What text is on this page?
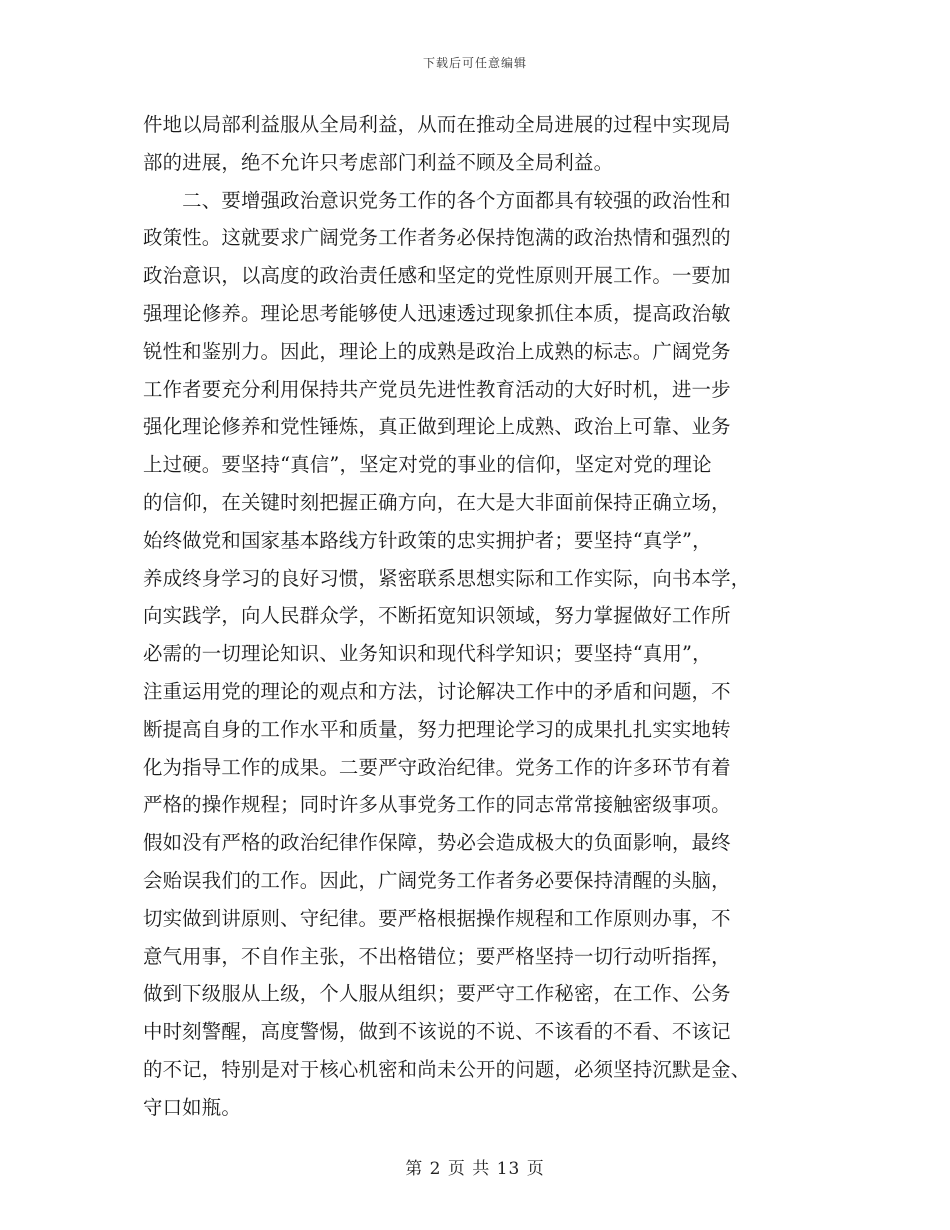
下载后可任意编辑
件地以局部利益服从全局利益，从而在推动全局进展的过程中实现局
部的进展，绝不允许只考虑部门利益不顾及全局利益。
　　二、要增强政治意识党务工作的各个方面都具有较强的政治性和
政策性。这就要求广阔党务工作者务必保持饱满的政治热情和强烈的
政治意识，以高度的政治责任感和坚定的党性原则开展工作。一要加
强理论修养。理论思考能够使人迅速透过现象抓住本质，提高政治敏
锐性和鉴别力。因此，理论上的成熟是政治上成熟的标志。广阔党务
工作者要充分利用保持共产党员先进性教育活动的大好时机，进一步
强化理论修养和党性锤炼，真正做到理论上成熟、政治上可靠、业务
上过硬。要坚持“真信”，坚定对党的事业的信仰，坚定对党的理论
的信仰，在关键时刻把握正确方向，在大是大非面前保持正确立场，
始终做党和国家基本路线方针政策的忠实拥护者；要坚持“真学”，
养成终身学习的良好习惯，紧密联系思想实际和工作实际，向书本学，
向实践学，向人民群众学，不断拓宽知识领域，努力掌握做好工作所
必需的一切理论知识、业务知识和现代科学知识；要坚持“真用”，
注重运用党的理论的观点和方法，讨论解决工作中的矛盾和问题，不
断提高自身的工作水平和质量，努力把理论学习的成果扎扎实实地转
化为指导工作的成果。二要严守政治纪律。党务工作的许多环节有着
严格的操作规程；同时许多从事党务工作的同志常常接触密级事项。
假如没有严格的政治纪律作保障，势必会造成极大的负面影响，最终
会贻误我们的工作。因此，广阔党务工作者务必要保持清醒的头脑，
切实做到讲原则、守纪律。要严格根据操作规程和工作原则办事，不
意气用事，不自作主张，不出格错位；要严格坚持一切行动听指挥，
做到下级服从上级，个人服从组织；要严守工作秘密，在工作、公务
中时刻警醒，高度警惕，做到不该说的不说、不该看的不看、不该记
的不记，特别是对于核心机密和尚未公开的问题，必须坚持沉默是金、
守口如瓶。
第 2 页 共 13 页
